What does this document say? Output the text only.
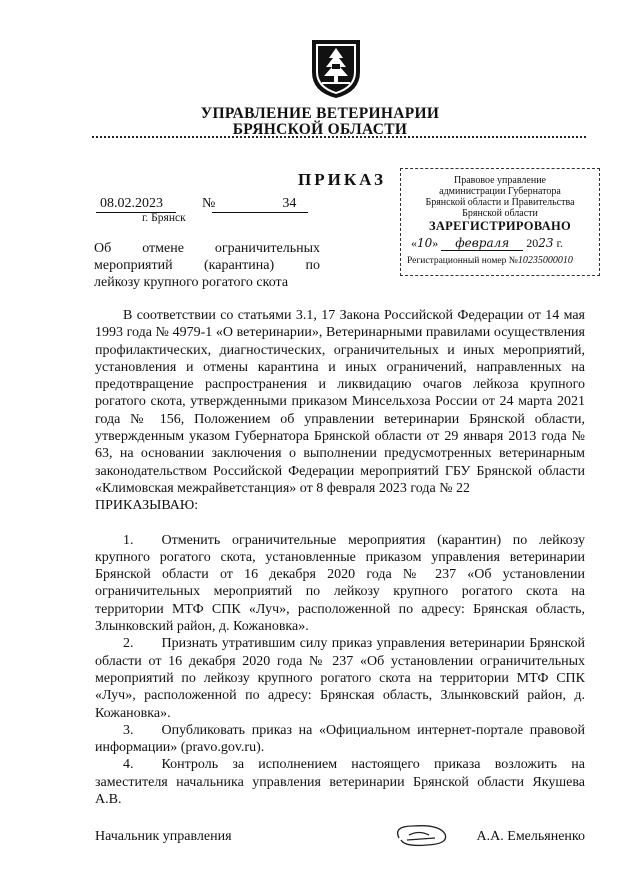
УПРАВЛЕНИЕ ВЕТЕРИНАРИИ
БРЯНСКОЙ ОБЛАСТИ
ПРИКАЗ
08.02.2023	№	34
г. Брянск
Об отмене ограничительных
мероприятий (карантина) по
лейкозу крупного рогатого скота
Правовое управление
администрации Губернатора
Брянской области и Правительства
Брянской области
ЗАРЕГИСТРИРОВАНО
«10» февраля 2023 г.
Регистрационный номер №10235000010

В соответствии со статьями 3.1, 17 Закона Российской Федерации от 14 мая 1993 года № 4979-1 «О ветеринарии», Ветеринарными правилами осуществления профилактических, диагностических, ограничительных и иных мероприятий, установления и отмены карантина и иных ограничений, направленных на предотвращение распространения и ликвидацию очагов лейкоза крупного рогатого скота, утвержденными приказом Минсельхоза России от 24 марта 2021 года № 156, Положением об управлении ветеринарии Брянской области, утвержденным указом Губернатора Брянской области от 29 января 2013 года № 63, на основании заключения о выполнении предусмотренных ветеринарным законодательством Российской Федерации мероприятий ГБУ Брянской области «Климовская межрайветстанция» от 8 февраля 2023 года № 22

ПРИКАЗЫВАЮ:

1.  Отменить ограничительные мероприятия (карантин) по лейкозу крупного рогатого скота, установленные приказом управления ветеринарии Брянской области от 16 декабря 2020 года № 237 «Об установлении ограничительных мероприятий по лейкозу крупного рогатого скота на территории МТФ СПК «Луч», расположенной по адресу: Брянская область, Злынковский район, д. Кожановка».

2.  Признать утратившим силу приказ управления ветеринарии Брянской области от 16 декабря 2020 года № 237 «Об установлении ограничительных мероприятий по лейкозу крупного рогатого скота на территории МТФ СПК «Луч», расположенной по адресу: Брянская область, Злынковский район, д. Кожановка».

3.  Опубликовать приказ на «Официальном интернет-портале правовой информации» (pravo.gov.ru).

4.  Контроль за исполнением настоящего приказа возложить на заместителя начальника управления ветеринарии Брянской области Якушева А.В.

Начальник управления	А.А. Емельяненко
